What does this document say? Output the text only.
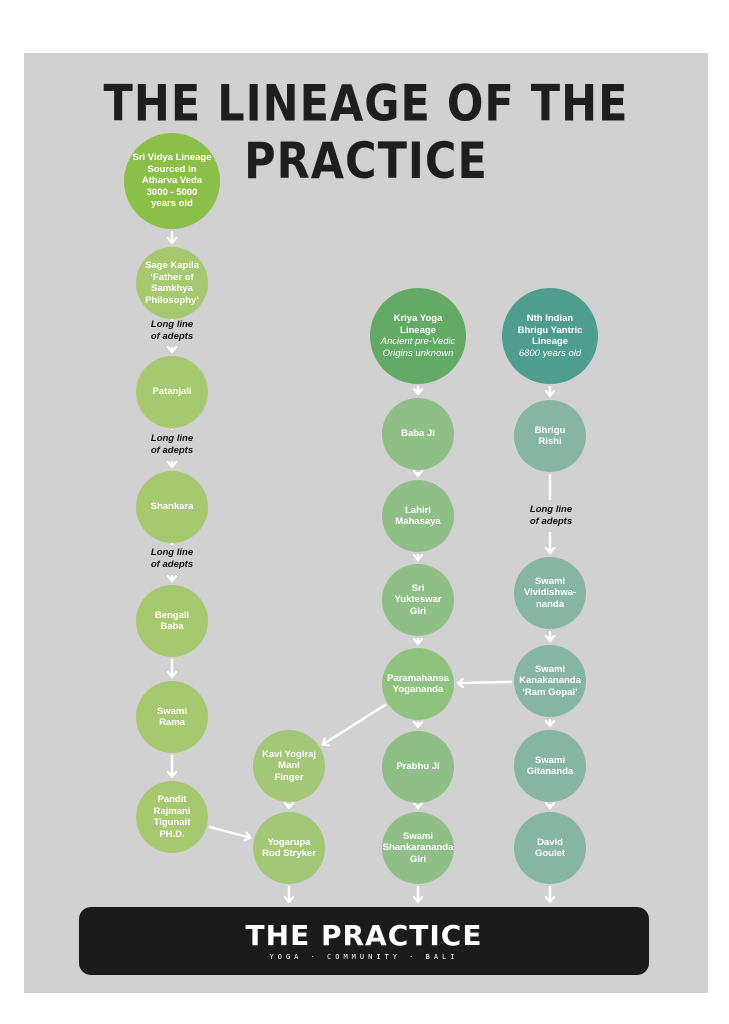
THE LINEAGE OF THE PRACTICE
Sri Vidya Lineage
Sourced in
Atharva Veda
3000 - 5000
years old
Sage Kapila
‘Father of
Samkhya
Philosophy’
Patanjali
Shankara
Bengali
Baba
Swami
Rama
Pandit
Rajmani
Tigunait
PH.D.
Kavi Yogiraj
Mani
Finger
Yogarupa
Rod Stryker
Kriya Yoga
Lineage
Ancient pre-Vedic
Origins unknown
Baba Ji
Lahiri
Mahasaya
Sri
Yukteswar
Giri
Paramahansa
Yogananda
Prabhu Ji
Swami
Shankarananda
Giri
Nth Indian
Bhrigu Yantric
Lineage
6800 years old
Bhrigu Rishi
Swami
Vividishwa-
nanda
Swami
Kanakananda
‘Ram Gopal’
Swami
Gitananda
David
Goulet
Long line
of adepts
Long line
of adepts
Long line
of adepts
Long line
of adepts
THE PRACTICE
YOGA · COMMUNITY · BALI
